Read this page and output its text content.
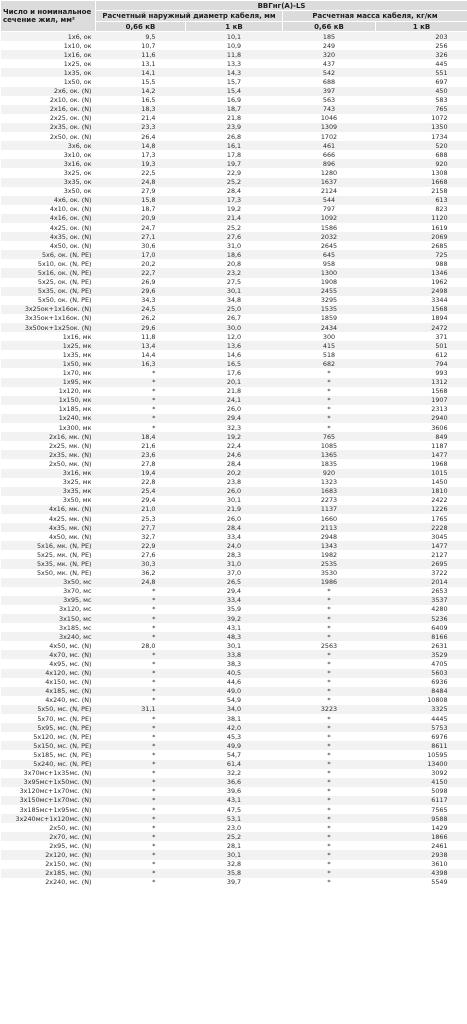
Число и номинальное сечение жил, мм²	ВВГнг(А)-LS			
	Расчетный наружный диаметр кабеля, мм		Расчетная масса кабеля, кг/км	
	0,66 кВ	1 кВ	0,66 кВ	1 кВ
1х6, ок	9,5	10,1	185	203
1х10, ок	10,7	10,9	249	256
1х16, ок	11,6	11,8	320	326
1х25, ок	13,1	13,3	437	445
1х35, ок	14,1	14,3	542	551
1х50, ок	15,5	15,7	688	697
2х6, ок. (N)	14,2	15,4	397	450
2х10, ок. (N)	16,5	16,9	563	583
2х16, ок. (N)	18,3	18,7	743	765
2х25, ок. (N)	21,4	21,8	1046	1072
2х35, ок. (N)	23,3	23,9	1309	1350
2х50, ок. (N)	26,4	26,8	1702	1734
3х6, ок	14,8	16,1	461	520
3х10, ок	17,3	17,8	666	688
3х16, ок	19,3	19,7	896	920
3х25, ок	22,5	22,9	1280	1308
3х35, ок	24,8	25,2	1637	1668
3х50, ок	27,9	28,4	2124	2158
4х6, ок. (N)	15,8	17,3	544	613
4х10, ок. (N)	18,7	19,2	797	823
4х16, ок. (N)	20,9	21,4	1092	1120
4х25, ок. (N)	24,7	25,2	1586	1619
4х35, ок. (N)	27,1	27,6	2032	2069
4х50, ок. (N)	30,6	31,0	2645	2685
5х6, ок. (N, PE)	17,0	18,6	645	725
5х10, ок. (N, PE)	20,2	20,8	958	988
5х16, ок. (N, PE)	22,7	23,2	1300	1346
5х25, ок. (N, PE)	26,9	27,5	1908	1962
5х35, ок. (N, PE)	29,6	30,1	2455	2498
5х50, ок. (N, PE)	34,3	34,8	3295	3344
3х25ок+1х16ок. (N)	24,5	25,0	1535	1568
3х35ок+1х16ок. (N)	26,2	26,7	1859	1894
3х50ок+1х25ок. (N)	29,6	30,0	2434	2472
1х16, мк	11,8	12,0	300	371
1х25, мк	13,4	13,6	415	501
1х35, мк	14,4	14,6	518	612
1х50, мк	16,3	16,5	682	794
1х70, мк	*	17,6	*	993
1х95, мк	*	20,1	*	1312
1х120, мк	*	21,8	*	1568
1х150, мк	*	24,1	*	1907
1х185, мк	*	26,0	*	2313
1х240, мк	*	29,4	*	2940
1х300, мк	*	32,3	*	3606
2х16, мк. (N)	18,4	19,2	765	849
2х25, мк. (N)	21,6	22,4	1085	1187
2х35, мк. (N)	23,6	24,6	1365	1477
2х50, мк. (N)	27,8	28,4	1835	1968
3х16, мк	19,4	20,2	920	1015
3х25, мк	22,8	23,8	1323	1450
3х35, мк	25,4	26,0	1683	1810
3х50, мк	29,4	30,1	2273	2422
4х16, мк. (N)	21,0	21,9	1137	1226
4х25, мк. (N)	25,3	26,0	1660	1765
4х35, мк. (N)	27,7	28,4	2113	2228
4х50, мк. (N)	32,7	33,4	2948	3045
5х16, мк. (N, PE)	22,9	24,0	1343	1477
5х25, мк. (N, PE)	27,6	28,3	1982	2127
5х35, мк. (N, PE)	30,3	31,0	2535	2695
5х50, мк. (N, PE)	36,2	37,0	3530	3722
3х50, мс	24,8	26,5	1986	2014
3х70, мс	*	29,4	*	2653
3х95, мс	*	33,4	*	3537
3х120, мс	*	35,9	*	4280
3х150, мс	*	39,2	*	5236
3х185, мс	*	43,1	*	6409
3х240, мс	*	48,3	*	8166
4х50, мс. (N)	28,0	30,1	2563	2631
4х70, мс. (N)	*	33,8	*	3529
4х95, мс. (N)	*	38,3	*	4705
4х120, мс. (N)	*	40,5	*	5603
4х150, мс. (N)	*	44,6	*	6936
4х185, мс. (N)	*	49,0	*	8484
4х240, мс. (N)	*	54,9	*	10808
5х50, мс. (N, PE)	31,1	34,0	3223	3325
5х70, мс. (N, PE)	*	38,1	*	4445
5х95, мс. (N, PE)	*	42,0	*	5753
5х120, мс. (N, PE)	*	45,3	*	6976
5х150, мс. (N, PE)	*	49,9	*	8611
5х185, мс. (N, PE)	*	54,7	*	10595
5х240, мс. (N, PE)	*	61,4	*	13400
3х70мс+1х35мс. (N)	*	32,2	*	3092
3х95мс+1х50мс. (N)	*	36,6	*	4150
3х120мс+1х70мс. (N)	*	39,6	*	5098
3х150мс+1х70мс. (N)	*	43,1	*	6117
3х185мс+1х95мс. (N)	*	47,5	*	7565
3х240мс+1х120мс. (N)	*	53,1	*	9588
2х50, мс. (N)	*	23,0	*	1429
2х70, мс. (N)	*	25,2	*	1866
2х95, мс. (N)	*	28,1	*	2461
2х120, мс. (N)	*	30,1	*	2938
2х150, мс. (N)	*	32,8	*	3610
2х185, мс. (N)	*	35,8	*	4398
2х240, мс. (N)	*	39,7	*	5549
